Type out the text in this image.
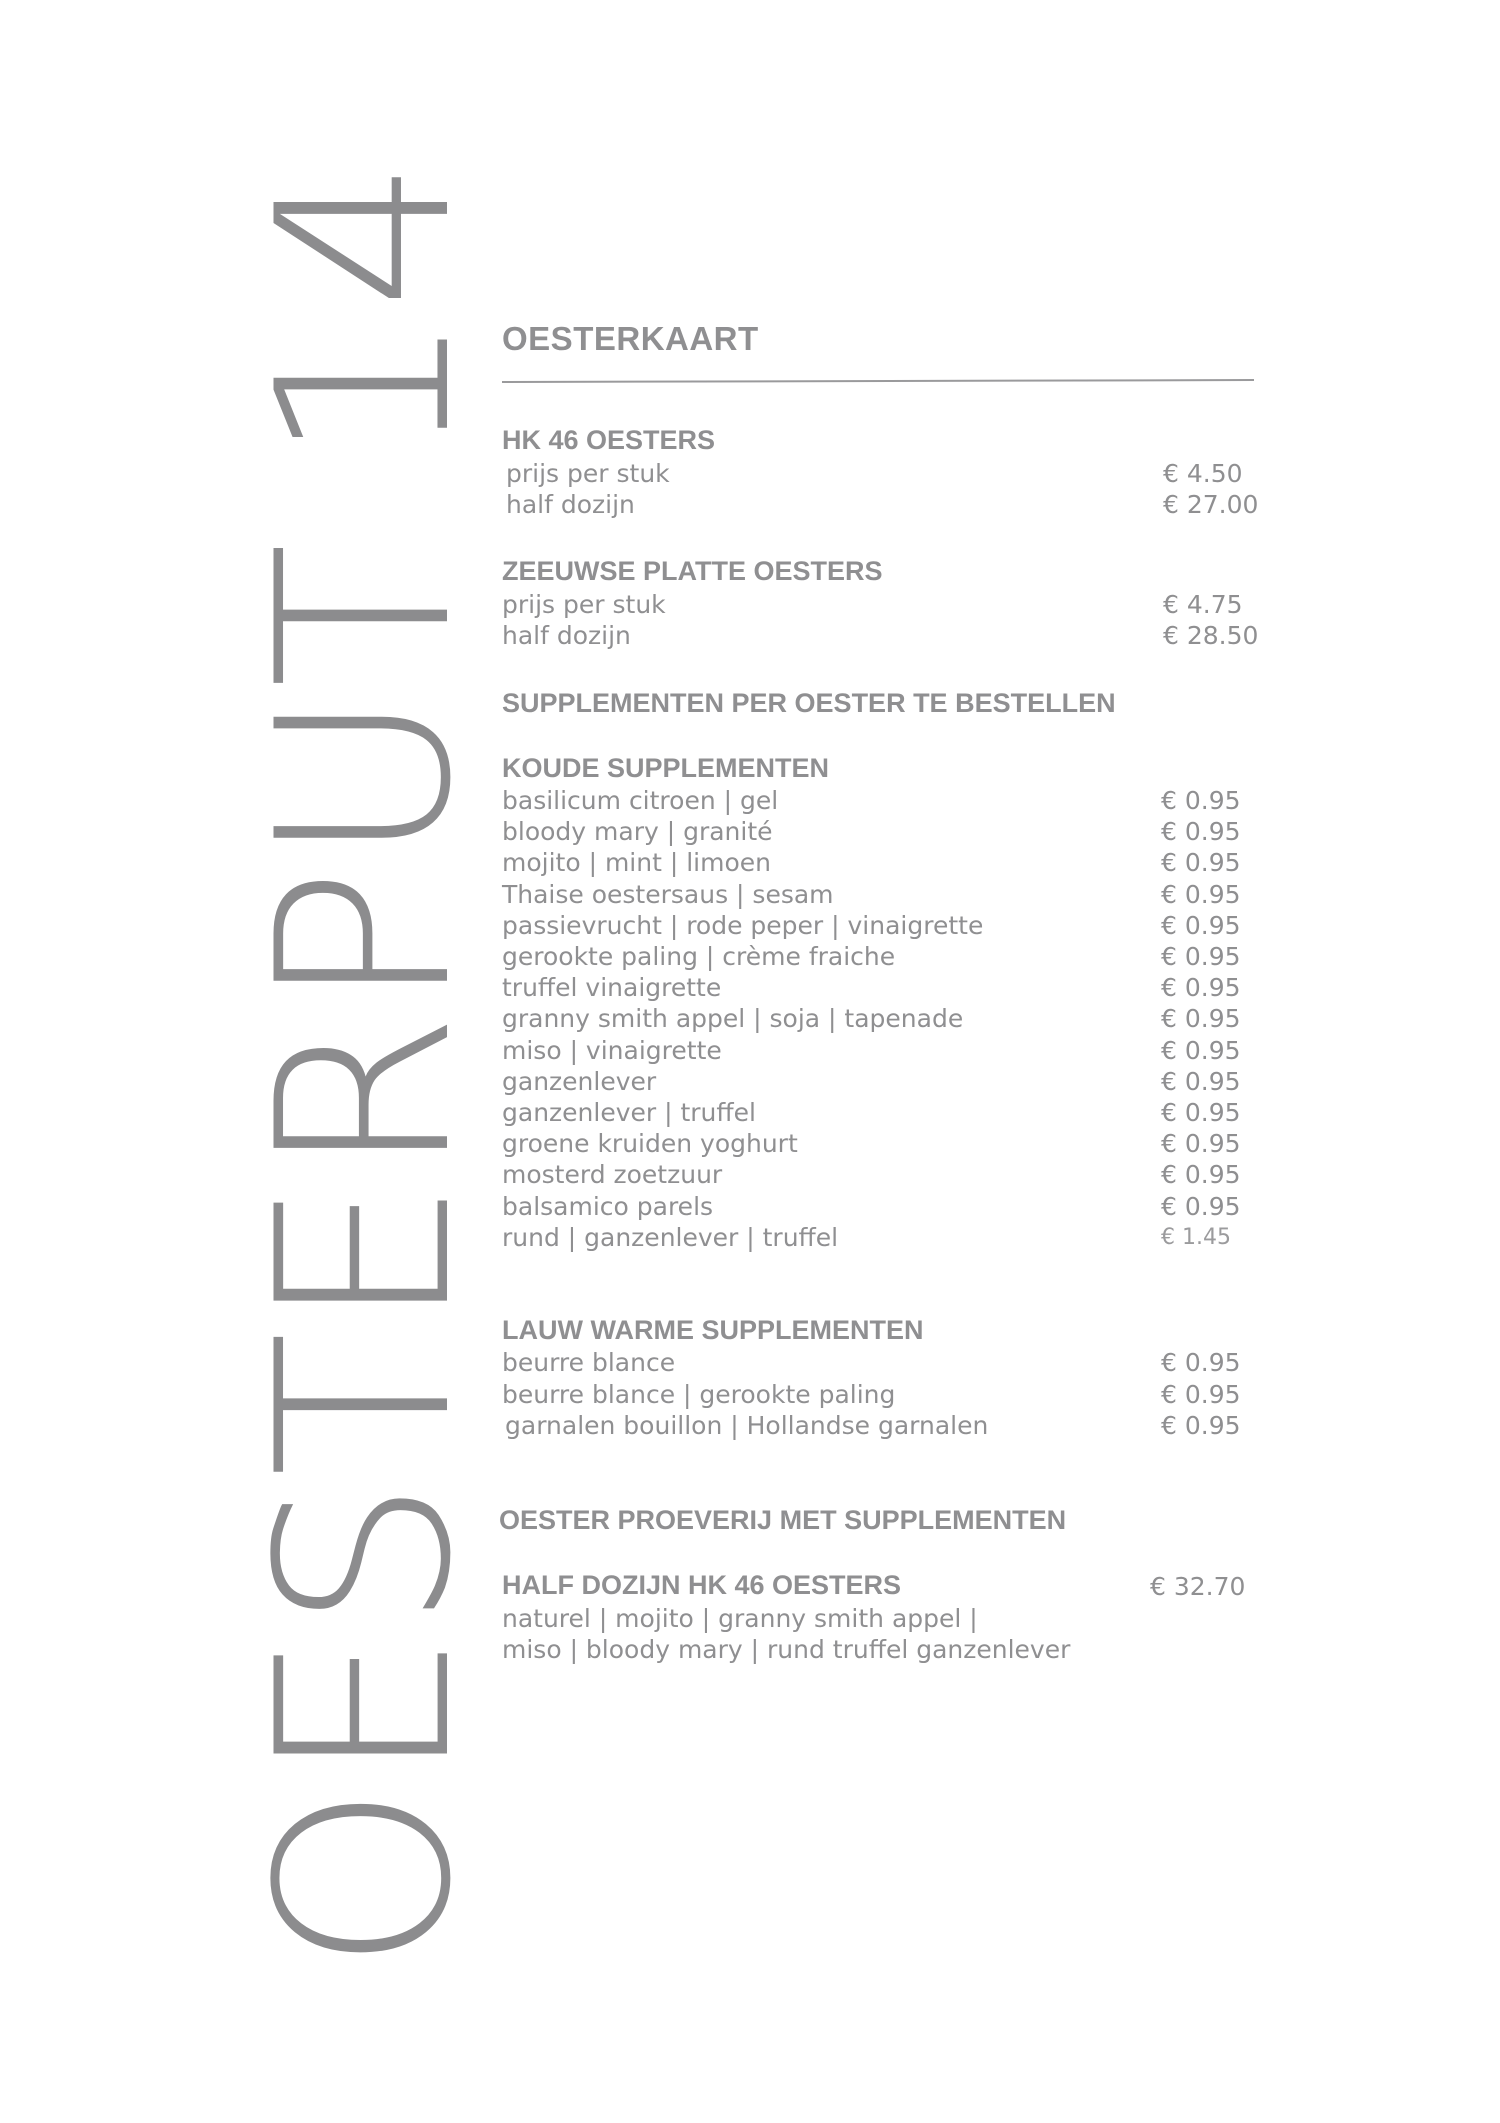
OESTERPUT 14
OESTERKAART
HK 46 OESTERS
prijs per stuk	€ 4.50
half dozijn	€ 27.00
ZEEUWSE PLATTE OESTERS
prijs per stuk	€ 4.75
half dozijn	€ 28.50
SUPPLEMENTEN PER OESTER TE BESTELLEN
KOUDE SUPPLEMENTEN
basilicum citroen | gel	€ 0.95
bloody mary | granité	€ 0.95
mojito | mint | limoen	€ 0.95
Thaise oestersaus | sesam	€ 0.95
passievrucht | rode peper | vinaigrette	€ 0.95
gerookte paling | crème fraiche	€ 0.95
truffel vinaigrette	€ 0.95
granny smith appel | soja | tapenade	€ 0.95
miso | vinaigrette	€ 0.95
ganzenlever	€ 0.95
ganzenlever | truffel	€ 0.95
groene kruiden yoghurt	€ 0.95
mosterd zoetzuur	€ 0.95
balsamico parels	€ 0.95
rund | ganzenlever | truffel	€ 1.45
LAUW WARME SUPPLEMENTEN
beurre blance	€ 0.95
beurre blance | gerookte paling	€ 0.95
garnalen bouillon | Hollandse garnalen	€ 0.95
OESTER PROEVERIJ MET SUPPLEMENTEN
HALF DOZIJN HK 46 OESTERS	€ 32.70
naturel | mojito | granny smith appel |
miso | bloody mary | rund truffel ganzenlever
